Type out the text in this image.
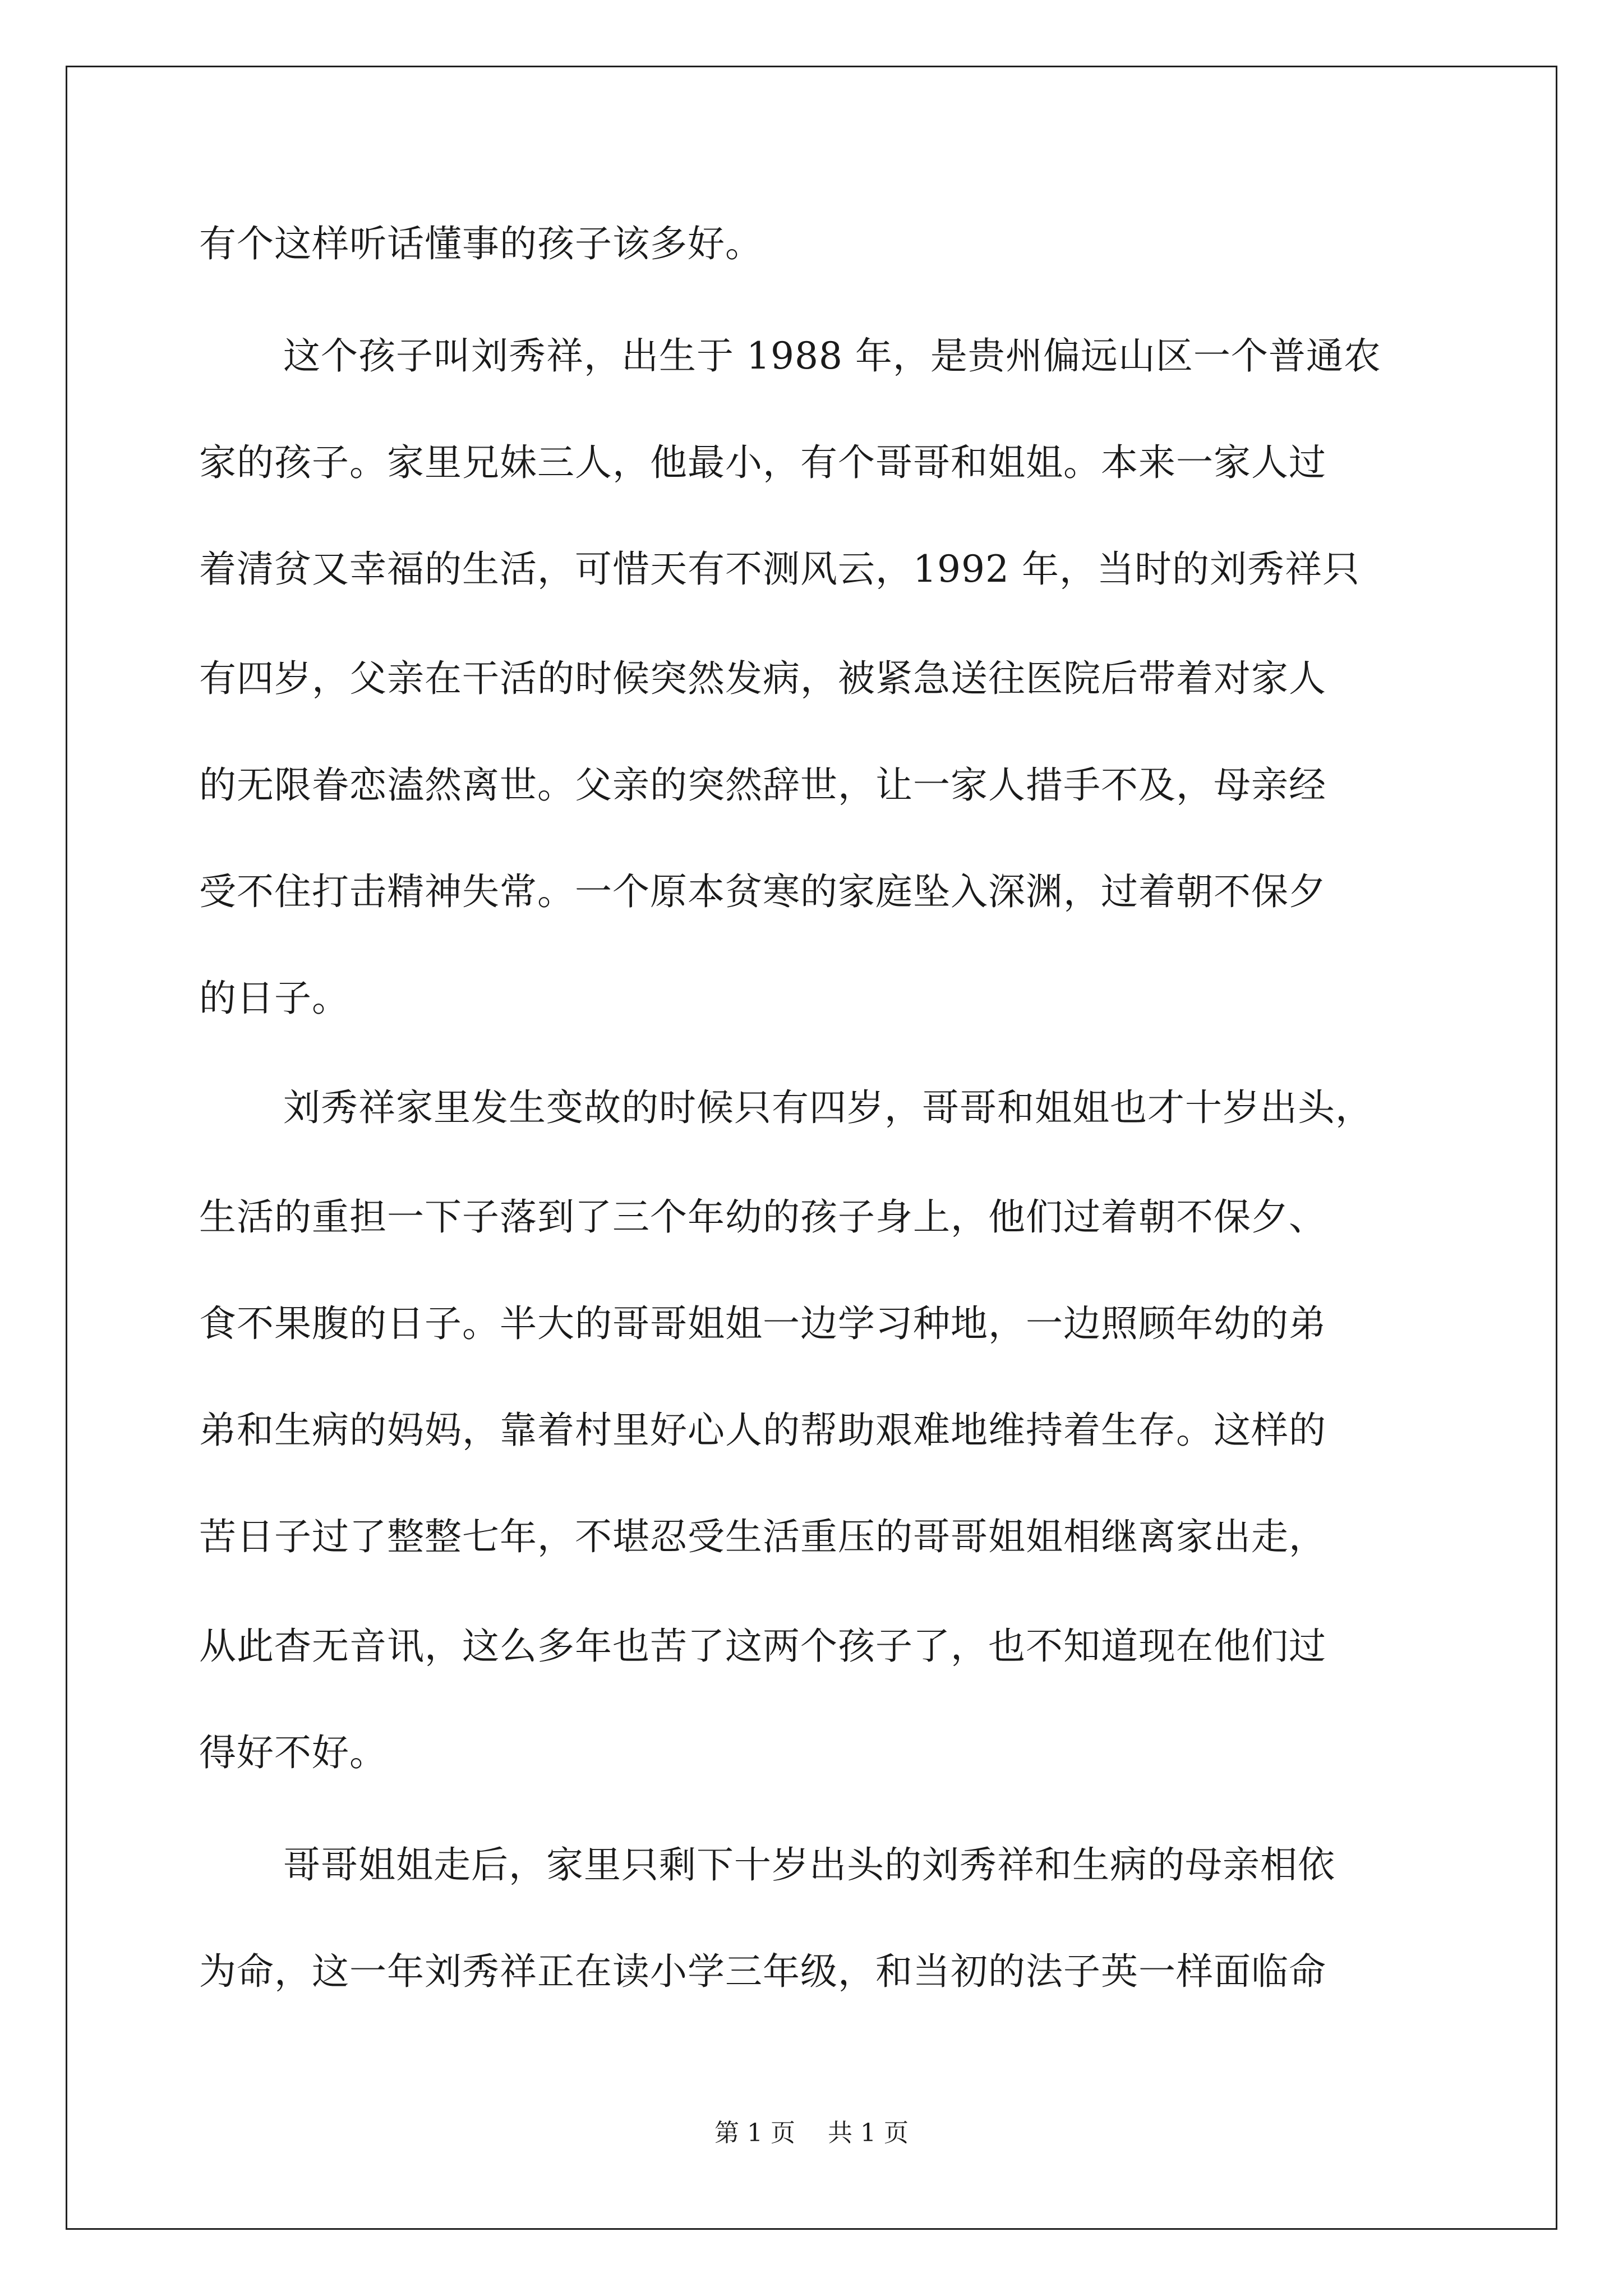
有个这样听话懂事的孩子该多好。
这个孩子叫刘秀祥，出生于 1988 年，是贵州偏远山区一个普通农
家的孩子。家里兄妹三人，他最小，有个哥哥和姐姐。本来一家人过
着清贫又幸福的生活，可惜天有不测风云，1992 年，当时的刘秀祥只
有四岁，父亲在干活的时候突然发病，被紧急送往医院后带着对家人
的无限眷恋溘然离世。父亲的突然辞世，让一家人措手不及，母亲经
受不住打击精神失常。一个原本贫寒的家庭坠入深渊，过着朝不保夕
的日子。
刘秀祥家里发生变故的时候只有四岁，哥哥和姐姐也才十岁出头，
生活的重担一下子落到了三个年幼的孩子身上，他们过着朝不保夕、
食不果腹的日子。半大的哥哥姐姐一边学习种地，一边照顾年幼的弟
弟和生病的妈妈，靠着村里好心人的帮助艰难地维持着生存。这样的
苦日子过了整整七年，不堪忍受生活重压的哥哥姐姐相继离家出走，
从此杳无音讯，这么多年也苦了这两个孩子了，也不知道现在他们过
得好不好。
哥哥姐姐走后，家里只剩下十岁出头的刘秀祥和生病的母亲相依
为命，这一年刘秀祥正在读小学三年级，和当初的法子英一样面临命
第 1 页　 共 1 页
